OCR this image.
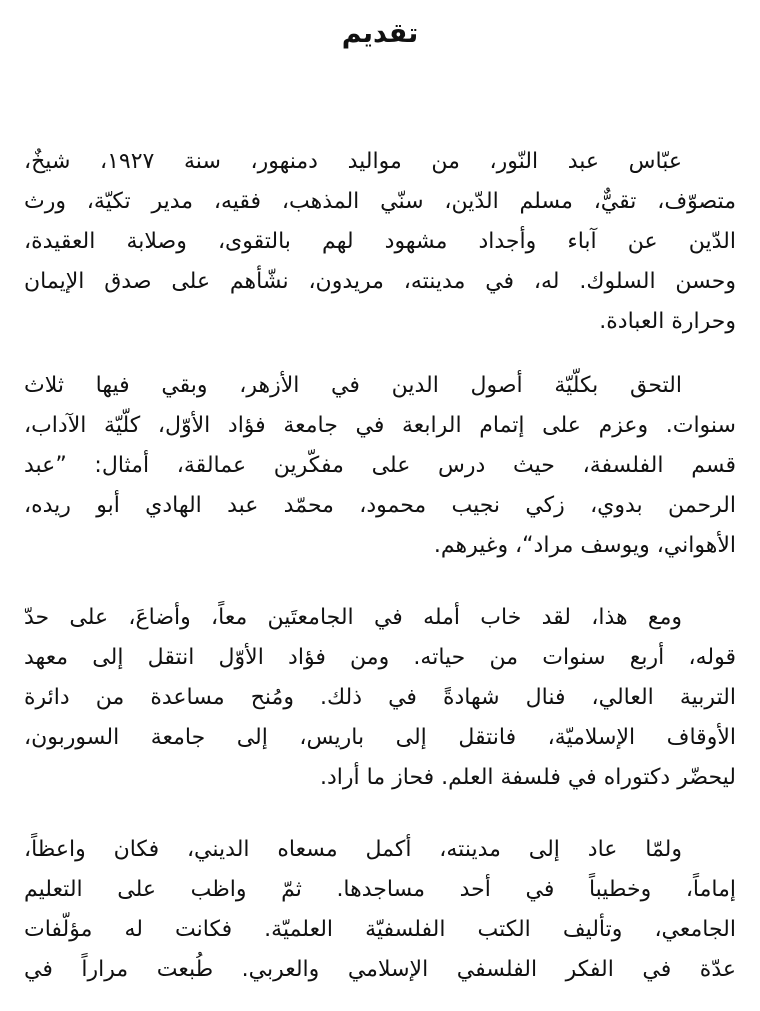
تقديم

عبّاس عبد النّور، من مواليد دمنهور، سنة ١٩٢٧، شيخٌ،

متصوّف، تقيٌّ، مسلم الدّين، سنّي المذهب، فقيه، مدير تكيّة، ورث

الدّين عن آباء وأجداد مشهود لهم بالتقوى، وصلابة العقيدة،

وحسن السلوك. له، في مدينته، مريدون، نشّأهم على صدق الإيمان

وحرارة العبادة.

التحق بكلّيّة أصول الدين في الأزهر، وبقي فيها ثلاث

سنوات. وعزم على إتمام الرابعة في جامعة فؤاد الأوّل، كلّيّة الآداب،

قسم الفلسفة، حيث درس على مفكّرين عمالقة، أمثال: ”عبد

الرحمن بدوي، زكي نجيب محمود، محمّد عبد الهادي أبو ريده،

الأهواني، ويوسف مراد“، وغيرهم.

ومع هذا، لقد خاب أمله في الجامعتَين معاً، وأضاعَ، على حدّ

قوله، أربع سنوات من حياته. ومن فؤاد الأوّل انتقل إلى معهد

التربية العالي، فنال شهادةً في ذلك. ومُنح مساعدة من دائرة

الأوقاف الإسلاميّة، فانتقل إلى باريس، إلى جامعة السوربون،

ليحضّر دكتوراه في فلسفة العلم. فحاز ما أراد.

ولمّا عاد إلى مدينته، أكمل مسعاه الديني، فكان واعظاً،

إماماً، وخطيباً في أحد مساجدها. ثمّ واظب على التعليم

الجامعي، وتأليف الكتب الفلسفيّة العلميّة. فكانت له مؤلّفات

عدّة في الفكر الفلسفي الإسلامي والعربي. طُبعت مراراً في
